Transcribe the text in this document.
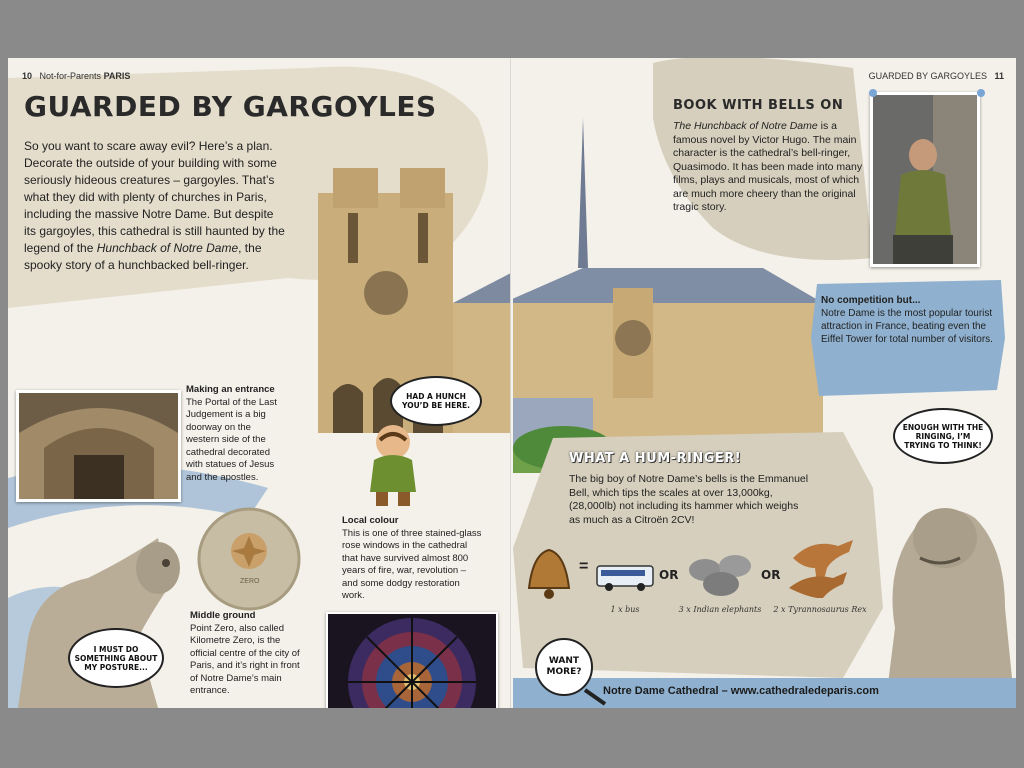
10 Not-for-Parents PARIS
GUARDED BY GARGOYLES
So you want to scare away evil? Here’s a plan. Decorate the outside of your building with some seriously hideous creatures – gargoyles. That’s what they did with plenty of churches in Paris, including the massive Notre Dame. But despite its gargoyles, this cathedral is still haunted by the legend of the Hunchback of Notre Dame, the spooky story of a hunchbacked bell-ringer.
HAD A HUNCH YOU’D BE HERE.
Making an entrance
The Portal of the Last Judgement is a big doorway on the western side of the cathedral decorated with statues of Jesus and the apostles.
ZERO
Middle ground
Point Zero, also called Kilometre Zero, is the official centre of the city of Paris, and it’s right in front of Notre Dame’s main entrance.
Local colour
This is one of three stained-glass rose windows in the cathedral that have survived almost 800 years of fire, war, revolution – and some dodgy restoration work.
I MUST DO SOMETHING ABOUT MY POSTURE...
GUARDED BY GARGOYLES 11
BOOK WITH BELLS ON
The Hunchback of Notre Dame is a famous novel by Victor Hugo. The main character is the cathedral’s bell-ringer, Quasimodo. It has been made into many films, plays and musicals, most of which are much more cheery than the original tragic story.
No competition but...
Notre Dame is the most popular tourist attraction in France, beating even the Eiffel Tower for total number of visitors.
WHAT A HUM-RINGER!
The big boy of Notre Dame’s bells is the Emmanuel Bell, which tips the scales at over 13,000kg, (28,000lb) not including its hammer which weighs as much as a Citroën 2CV!
=	OR	OR
1 x bus	3 x Indian elephants	2 x Tyrannosaurus Rex
ENOUGH WITH THE RINGING, I’M TRYING TO THINK!
Notre Dame Cathedral – www.cathedraledeparis.com
WANT MORE?
